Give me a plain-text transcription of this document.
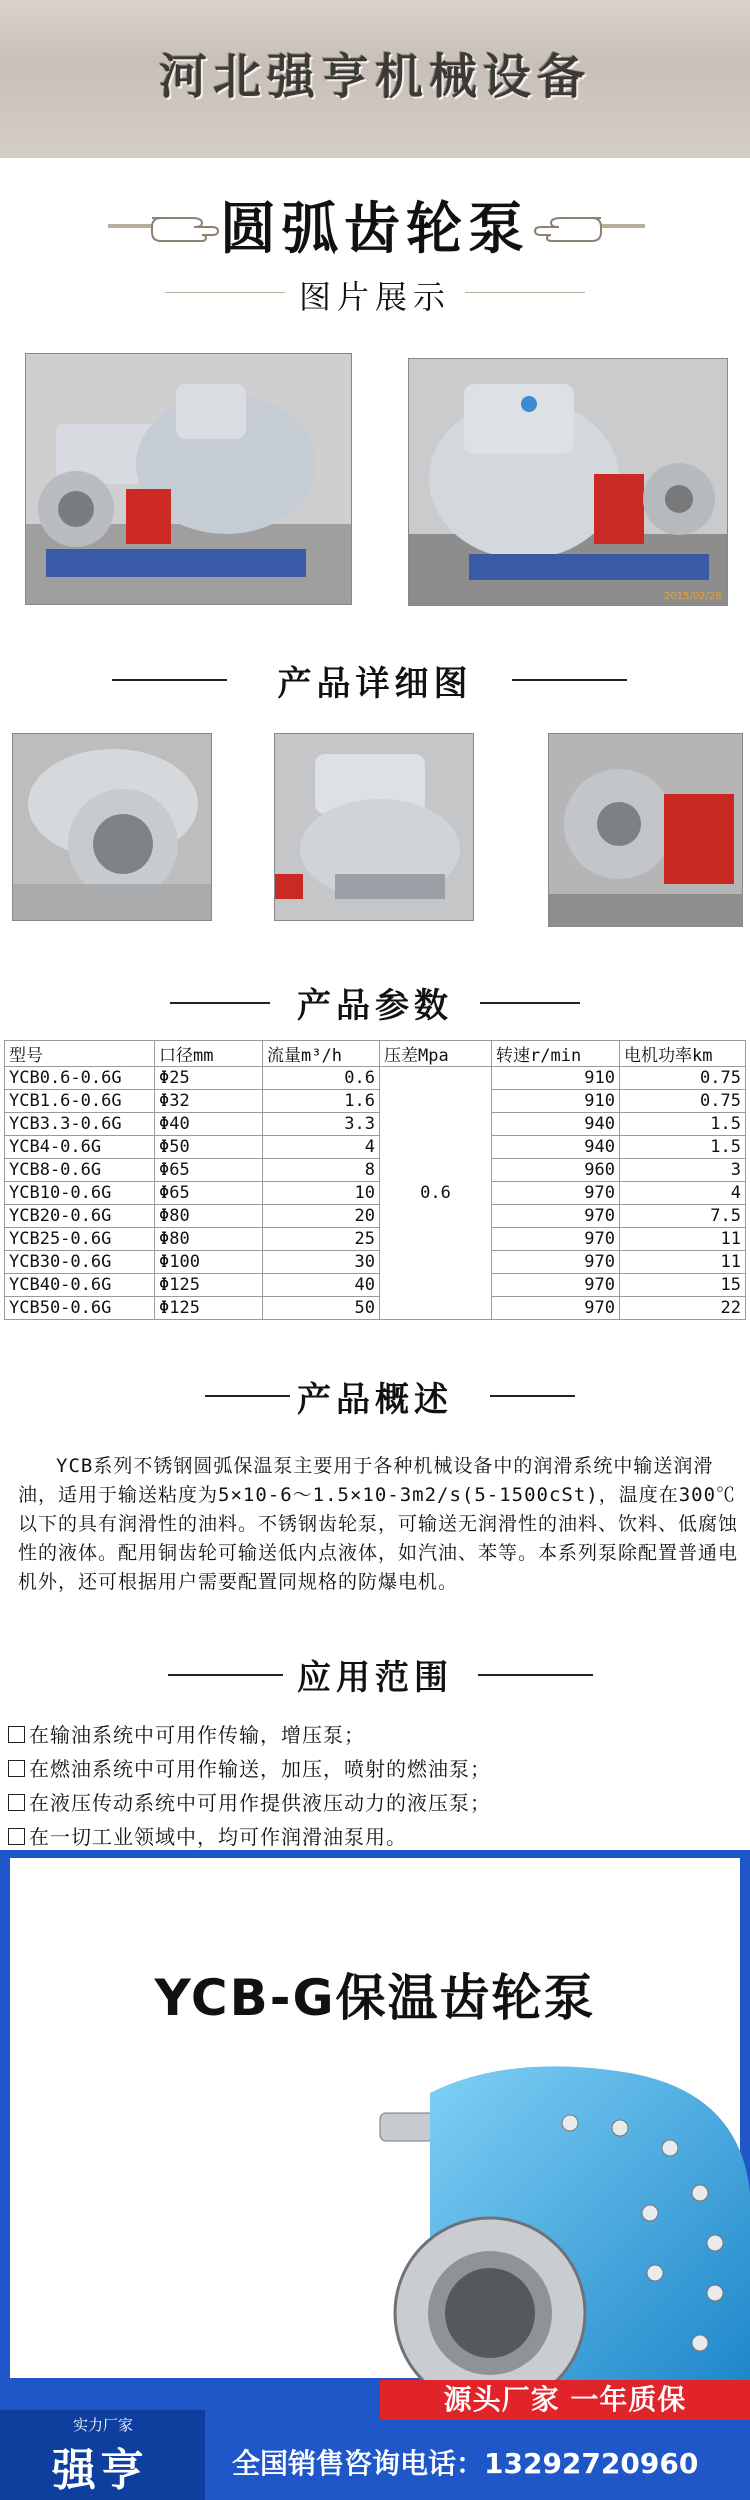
河北强亨机械设备
圆弧齿轮泵
图片展示
2015/02/28
产品详细图
产品参数
型号	口径mm	流量m³/h	压差Mpa	转速r/min	电机功率km
YCB0.6-0.6G	Φ25	0.6	0.6	910	0.75
YCB1.6-0.6G	Φ32	1.6		910	0.75
YCB3.3-0.6G	Φ40	3.3		940	1.5
YCB4-0.6G	Φ50	4		940	1.5
YCB8-0.6G	Φ65	8		960	3
YCB10-0.6G	Φ65	10		970	4
YCB20-0.6G	Φ80	20		970	7.5
YCB25-0.6G	Φ80	25		970	11
YCB30-0.6G	Φ100	30		970	11
YCB40-0.6G	Φ125	40		970	15
YCB50-0.6G	Φ125	50		970	22
产品概述
YCB系列不锈钢圆弧保温泵主要用于各种机械设备中的润滑系统中输送润滑油，适用于输送粘度为5×10-6～1.5×10-3m2/s(5-1500cSt)，温度在300℃以下的具有润滑性的油料。不锈钢齿轮泵，可输送无润滑性的油料、饮料、低腐蚀性的液体。配用铜齿轮可输送低内点液体，如汽油、苯等。本系列泵除配置普通电机外，还可根据用户需要配置同规格的防爆电机。
应用范围
在输油系统中可用作传输，增压泵；
在燃油系统中可用作输送，加压，喷射的燃油泵；
在液压传动系统中可用作提供液压动力的液压泵；
在一切工业领域中，均可作润滑油泵用。
YCB-G保温齿轮泵
源头厂家 一年质保
实力厂家
强亨	全国销售咨询电话：13292720960
